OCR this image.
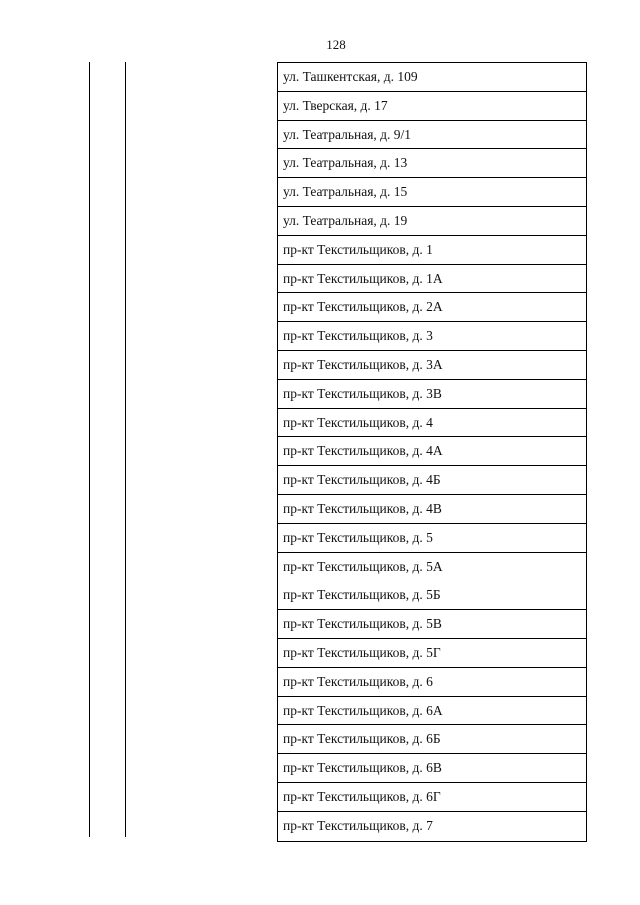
128
ул. Ташкентская, д. 109
ул. Тверская, д. 17
ул. Театральная, д. 9/1
ул. Театральная, д. 13
ул. Театральная, д. 15
ул. Театральная, д. 19
пр-кт Текстильщиков, д. 1
пр-кт Текстильщиков, д. 1А
пр-кт Текстильщиков, д. 2А
пр-кт Текстильщиков, д. 3
пр-кт Текстильщиков, д. 3А
пр-кт Текстильщиков, д. 3В
пр-кт Текстильщиков, д. 4
пр-кт Текстильщиков, д. 4А
пр-кт Текстильщиков, д. 4Б
пр-кт Текстильщиков, д. 4В
пр-кт Текстильщиков, д. 5
пр-кт Текстильщиков, д. 5А
пр-кт Текстильщиков, д. 5Б
пр-кт Текстильщиков, д. 5В
пр-кт Текстильщиков, д. 5Г
пр-кт Текстильщиков, д. 6
пр-кт Текстильщиков, д. 6А
пр-кт Текстильщиков, д. 6Б
пр-кт Текстильщиков, д. 6В
пр-кт Текстильщиков, д. 6Г
пр-кт Текстильщиков, д. 7
